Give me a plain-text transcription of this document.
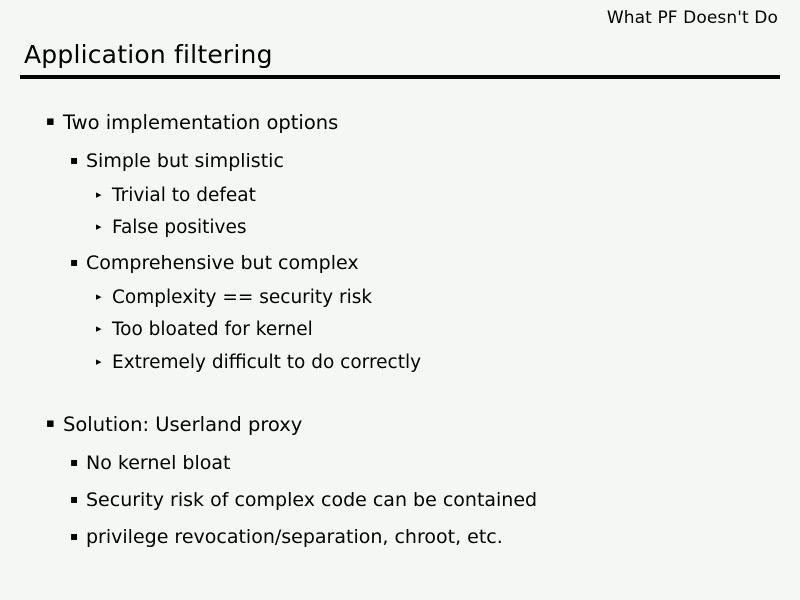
What PF Doesn't Do
Application filtering
▪ Two implementation options
▪ Simple but simplistic
▸ Trivial to defeat
▸ False positives
▪ Comprehensive but complex
▸ Complexity == security risk
▸ Too bloated for kernel
▸ Extremely difficult to do correctly
▪ Solution: Userland proxy
▪ No kernel bloat
▪ Security risk of complex code can be contained
▪ privilege revocation/separation, chroot, etc.
